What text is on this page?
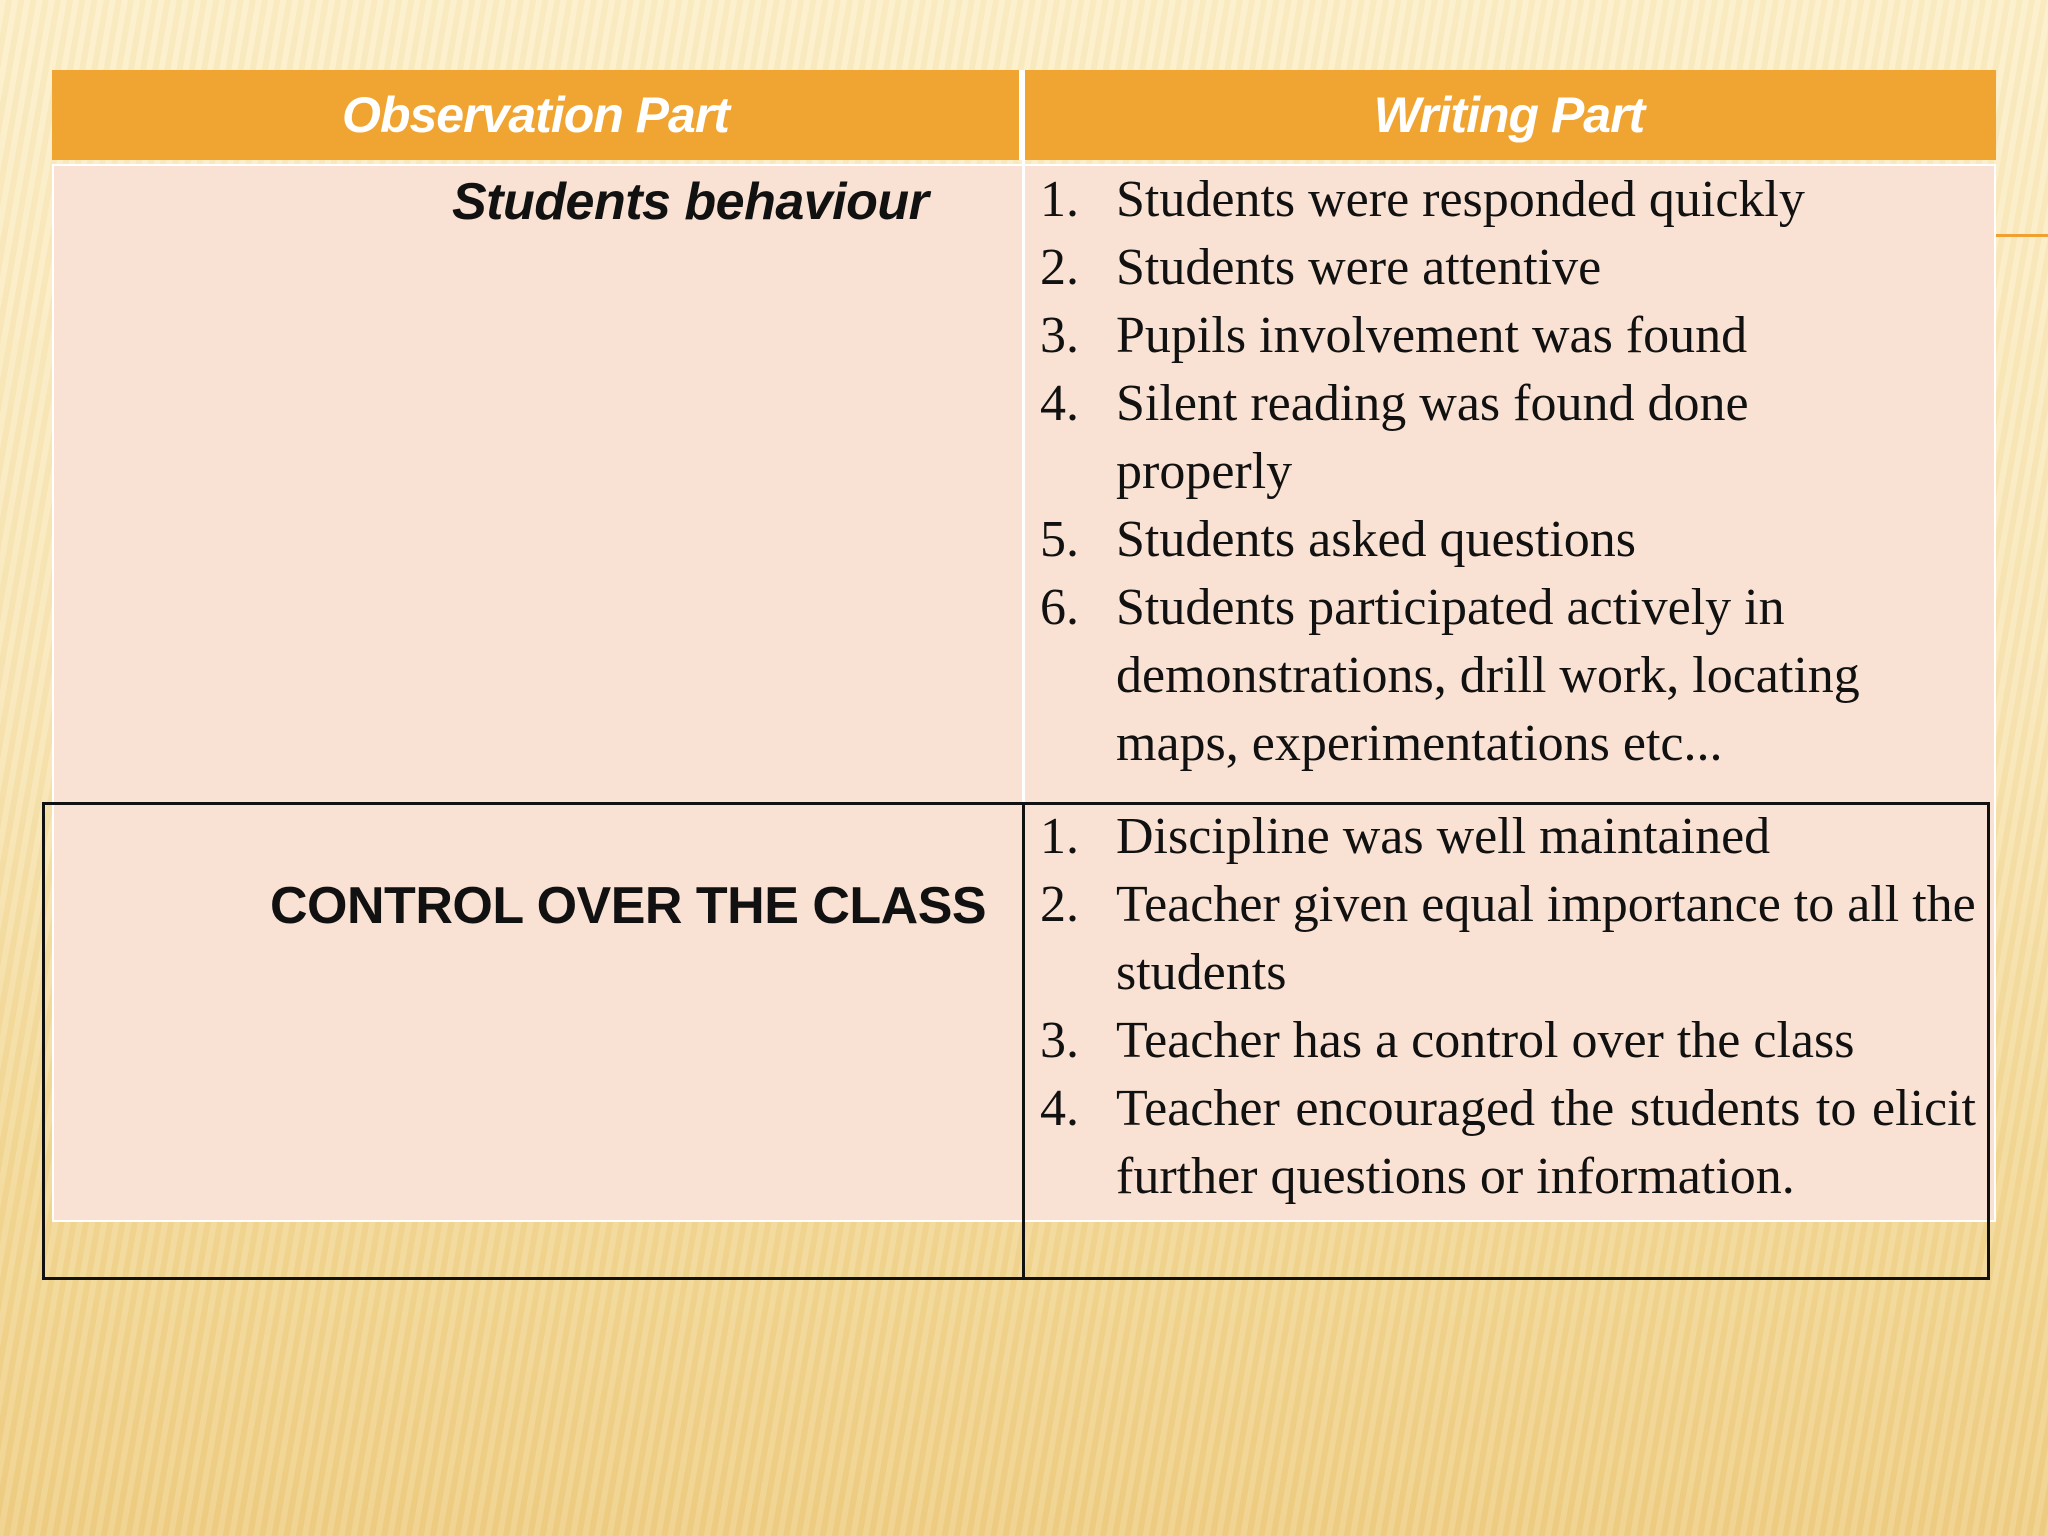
Observation Part	Writing Part
Students behaviour 1. Students were responded quickly
2. Students were attentive
3. Pupils involvement was found
4. Silent reading was found done properly
5. Students asked questions
6. Students participated actively in demonstrations, drill work, locating maps, experimentations etc...
CONTROL OVER THE CLASS
1. Discipline was well maintained
2. Teacher given equal importance to all the students
3. Teacher has a control over the class
4. Teacher encouraged the students to elicit further questions or information.
